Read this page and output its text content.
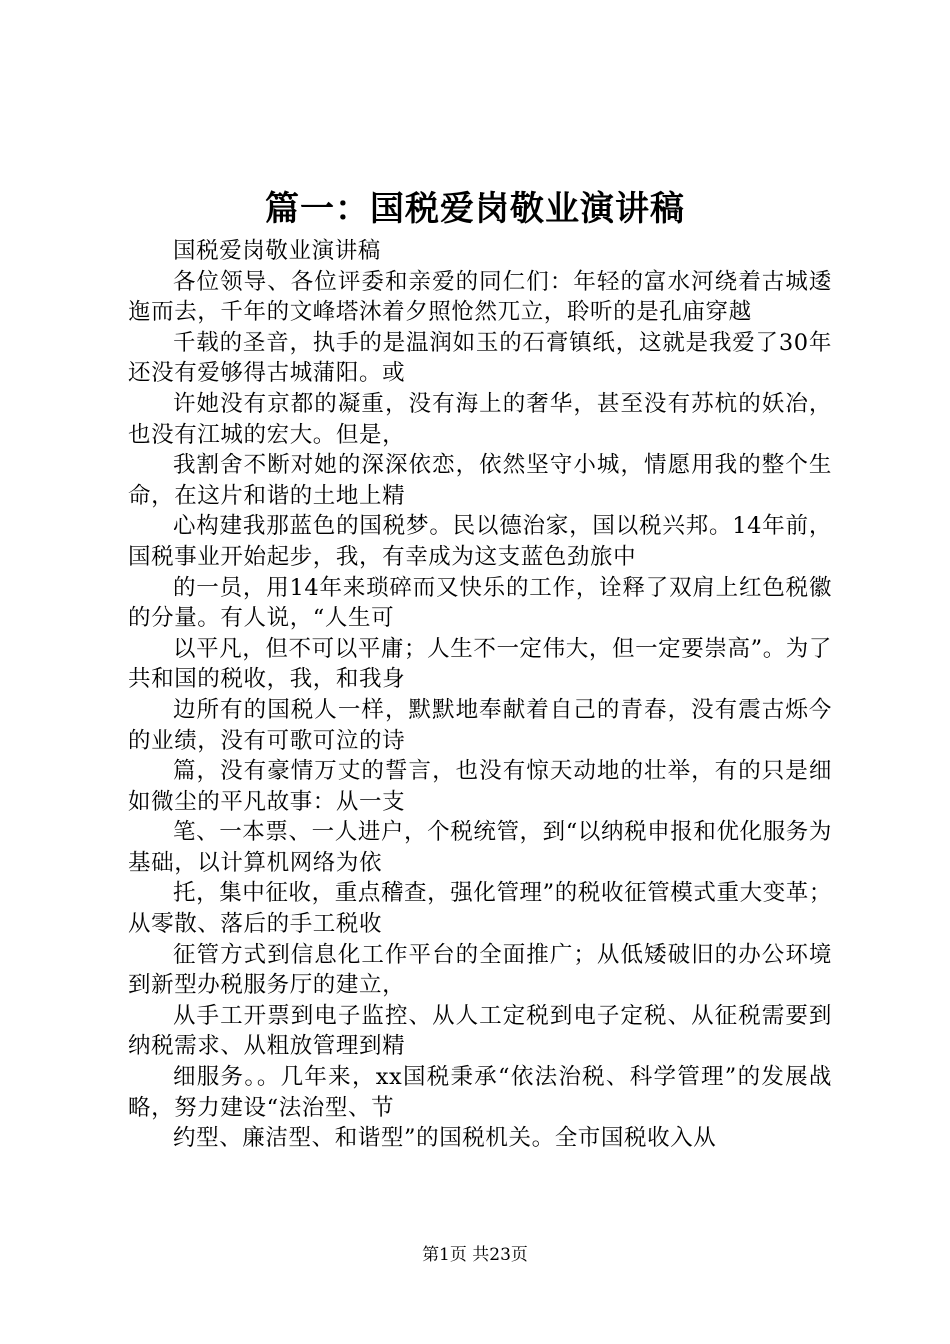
篇一：国税爱岗敬业演讲稿

国税爱岗敬业演讲稿

各位领导、各位评委和亲爱的同仁们：年轻的富水河绕着古城逶迤而去，千年的文峰塔沐着夕照怆然兀立，聆听的是孔庙穿越

千载的圣音，执手的是温润如玉的石膏镇纸，这就是我爱了30年还没有爱够得古城蒲阳。或

许她没有京都的凝重，没有海上的奢华，甚至没有苏杭的妖冶，也没有江城的宏大。但是，

我割舍不断对她的深深依恋，依然坚守小城，情愿用我的整个生命，在这片和谐的土地上精

心构建我那蓝色的国税梦。民以德治家，国以税兴邦。14年前，国税事业开始起步，我，有幸成为这支蓝色劲旅中

的一员，用14年来琐碎而又快乐的工作，诠释了双肩上红色税徽的分量。有人说，“人生可

以平凡，但不可以平庸；人生不一定伟大，但一定要崇高”。为了共和国的税收，我，和我身

边所有的国税人一样，默默地奉献着自己的青春，没有震古烁今的业绩，没有可歌可泣的诗

篇，没有豪情万丈的誓言，也没有惊天动地的壮举，有的只是细如微尘的平凡故事：从一支

笔、一本票、一人进户，个税统管，到“以纳税申报和优化服务为基础，以计算机网络为依

托，集中征收，重点稽查，强化管理”的税收征管模式重大变革；从零散、落后的手工税收

征管方式到信息化工作平台的全面推广；从低矮破旧的办公环境到新型办税服务厅的建立，

从手工开票到电子监控、从人工定税到电子定税、从征税需要到纳税需求、从粗放管理到精

细服务。。几年来，xx国税秉承“依法治税、科学管理”的发展战略，努力建设“法治型、节

约型、廉洁型、和谐型”的国税机关。全市国税收入从

第1页 共23页
